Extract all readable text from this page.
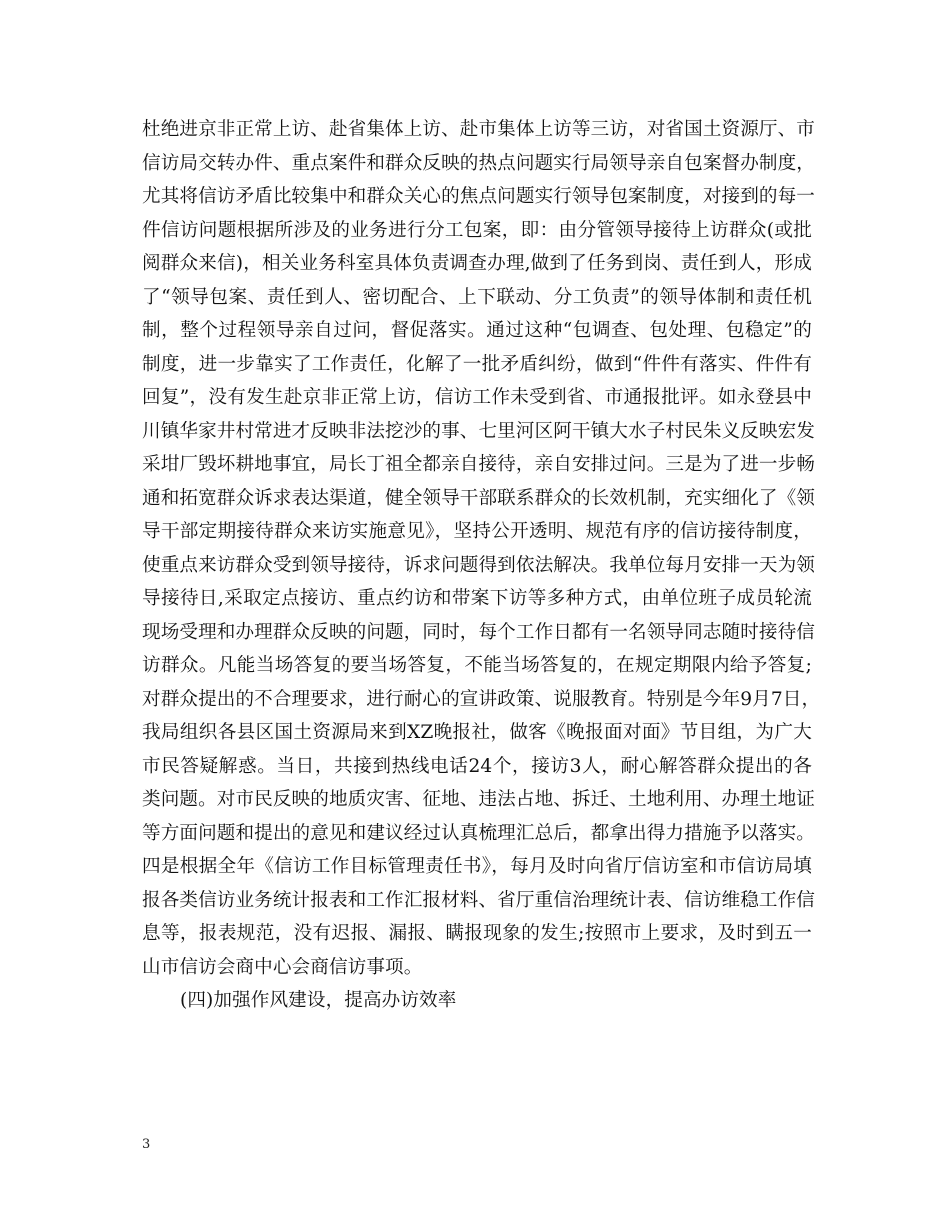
杜绝进京非正常上访、赴省集体上访、赴市集体上访等三访，对省国土资源厅、市
信访局交转办件、重点案件和群众反映的热点问题实行局领导亲自包案督办制度，
尤其将信访矛盾比较集中和群众关心的焦点问题实行领导包案制度，对接到的每一
件信访问题根据所涉及的业务进行分工包案，即：由分管领导接待上访群众(或批
阅群众来信)，相关业务科室具体负责调查办理,做到了任务到岗、责任到人，形成
了“领导包案、责任到人、密切配合、上下联动、分工负责”的领导体制和责任机
制，整个过程领导亲自过问，督促落实。通过这种“包调查、包处理、包稳定”的
制度，进一步靠实了工作责任，化解了一批矛盾纠纷，做到“件件有落实、件件有
回复”，没有发生赴京非正常上访，信访工作未受到省、市通报批评。如永登县中
川镇华家井村常进才反映非法挖沙的事、七里河区阿干镇大水子村民朱义反映宏发
采坩厂毁坏耕地事宜，局长丁祖全都亲自接待，亲自安排过问。三是为了进一步畅
通和拓宽群众诉求表达渠道，健全领导干部联系群众的长效机制，充实细化了《领
导干部定期接待群众来访实施意见》，坚持公开透明、规范有序的信访接待制度，
使重点来访群众受到领导接待，诉求问题得到依法解决。我单位每月安排一天为领
导接待日,采取定点接访、重点约访和带案下访等多种方式，由单位班子成员轮流
现场受理和办理群众反映的问题，同时，每个工作日都有一名领导同志随时接待信
访群众。凡能当场答复的要当场答复，不能当场答复的，在规定期限内给予答复;
对群众提出的不合理要求，进行耐心的宣讲政策、说服教育。特别是今年9月7日，
我局组织各县区国土资源局来到XZ晚报社，做客《晚报面对面》节目组，为广大
市民答疑解惑。当日，共接到热线电话24个，接访3人，耐心解答群众提出的各
类问题。对市民反映的地质灾害、征地、违法占地、拆迁、土地利用、办理土地证
等方面问题和提出的意见和建议经过认真梳理汇总后，都拿出得力措施予以落实。
四是根据全年《信访工作目标管理责任书》，每月及时向省厅信访室和市信访局填
报各类信访业务统计报表和工作汇报材料、省厅重信治理统计表、信访维稳工作信
息等，报表规范，没有迟报、漏报、瞒报现象的发生;按照市上要求，及时到五一
山市信访会商中心会商信访事项。
(四)加强作风建设，提高办访效率
3
